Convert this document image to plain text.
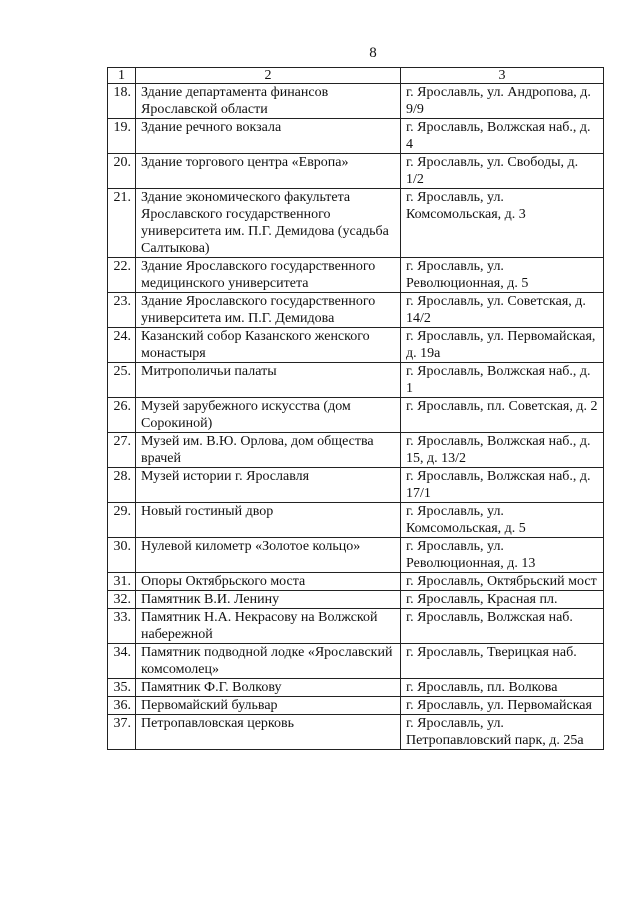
8
1	2	3
18.	Здание департамента финансов Ярославской области	г. Ярославль, ул. Андропова, д. 9/9
19.	Здание речного вокзала	г. Ярославль, Волжская наб., д. 4
20.	Здание торгового центра «Европа»	г. Ярославль, ул. Свободы, д. 1/2
21.	Здание экономического факультета Ярославского государственного университета им. П.Г. Демидова (усадьба Салтыкова)	г. Ярославль, ул. Комсомольская, д. 3
22.	Здание Ярославского государственного медицинского университета	г. Ярославль, ул. Революционная, д. 5
23.	Здание Ярославского государственного университета им. П.Г. Демидова	г. Ярославль, ул. Советская, д. 14/2
24.	Казанский собор Казанского женского монастыря	г. Ярославль, ул. Первомайская, д. 19а
25.	Митрополичьи палаты	г. Ярославль, Волжская наб., д. 1
26.	Музей зарубежного искусства (дом Сорокиной)	г. Ярославль, пл. Советская, д. 2
27.	Музей им. В.Ю. Орлова, дом общества врачей	г. Ярославль, Волжская наб., д. 15, д. 13/2
28.	Музей истории г. Ярославля	г. Ярославль, Волжская наб., д. 17/1
29.	Новый гостиный двор	г. Ярославль, ул. Комсомольская, д. 5
30.	Нулевой километр «Золотое кольцо»	г. Ярославль, ул. Революционная, д. 13
31.	Опоры Октябрьского моста	г. Ярославль, Октябрьский мост
32.	Памятник В.И. Ленину	г. Ярославль, Красная пл.
33.	Памятник Н.А. Некрасову на Волжской набережной	г. Ярославль, Волжская наб.
34.	Памятник подводной лодке «Ярославский комсомолец»	г. Ярославль, Тверицкая наб.
35.	Памятник Ф.Г. Волкову	г. Ярославль, пл. Волкова
36.	Первомайский бульвар	г. Ярославль, ул. Первомайская
37.	Петропавловская церковь	г. Ярославль, ул. Петропавловский парк, д. 25а
